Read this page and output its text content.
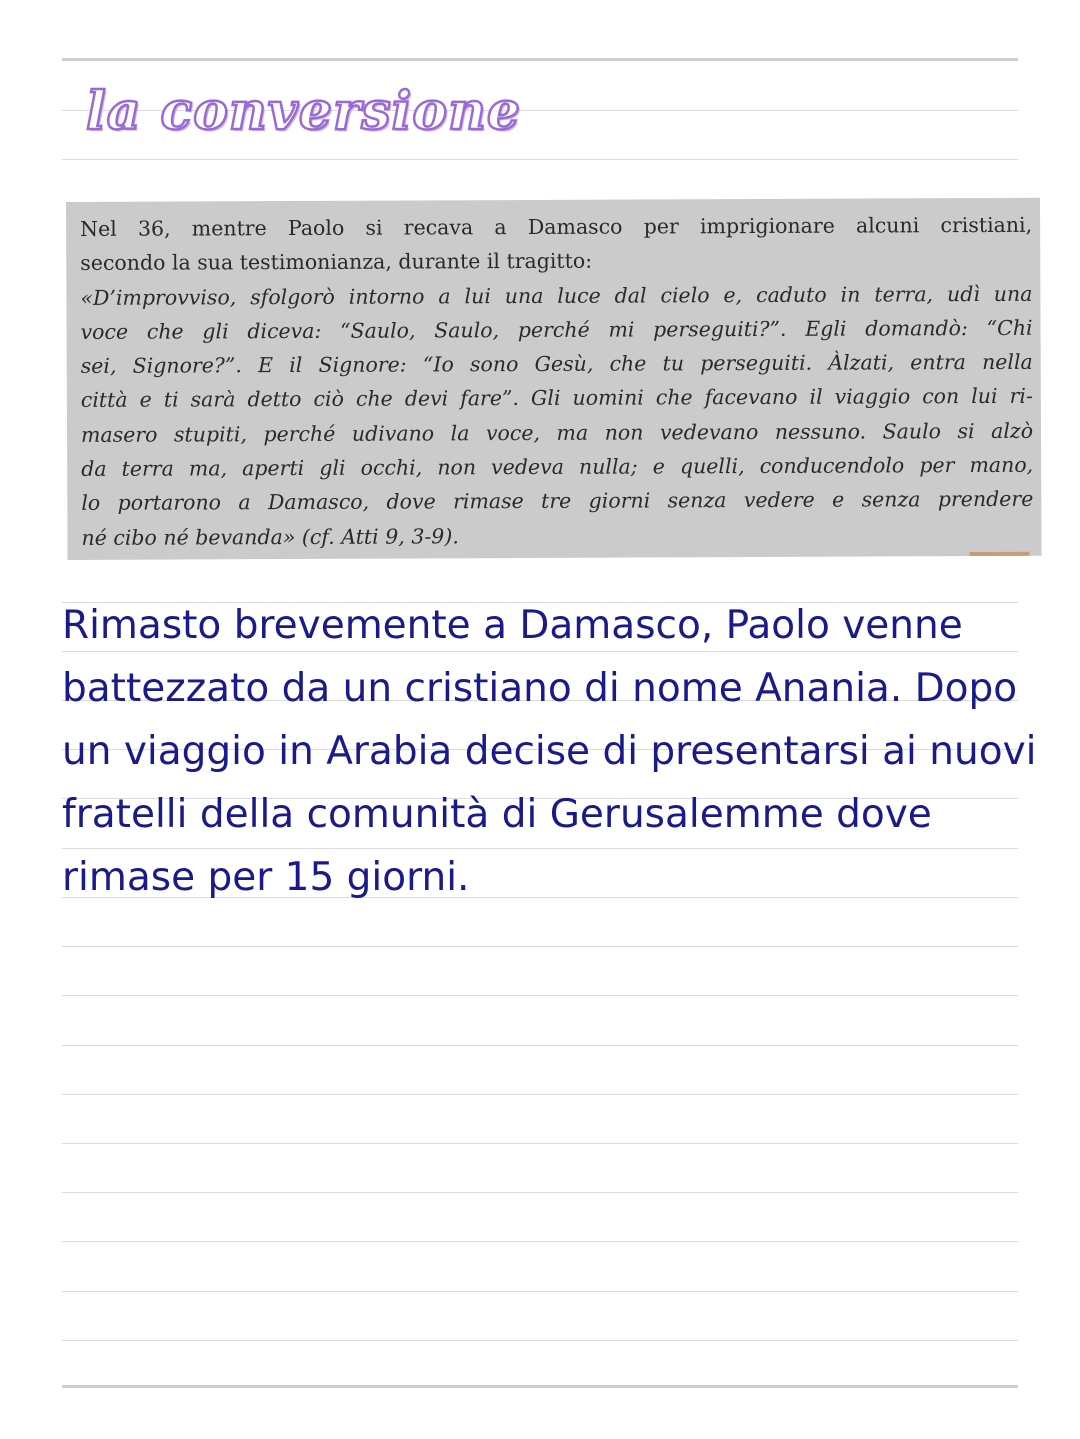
la conversione

Nel 36, mentre Paolo si recava a Damasco per imprigionare alcuni cristiani,
secondo la sua testimonianza, durante il tragitto:
«D’improvviso, sfolgorò intorno a lui una luce dal cielo e, caduto in terra, udì una
voce che gli diceva: “Saulo, Saulo, perché mi perseguiti?”. Egli domandò: “Chi
sei, Signore?”. E il Signore: “Io sono Gesù, che tu perseguiti. Àlzati, entra nella
città e ti sarà detto ciò che devi fare”. Gli uomini che facevano il viaggio con lui ri-
masero stupiti, perché udivano la voce, ma non vedevano nessuno. Saulo si alzò
da terra ma, aperti gli occhi, non vedeva nulla; e quelli, conducendolo per mano,
lo portarono a Damasco, dove rimase tre giorni senza vedere e senza prendere
né cibo né bevanda» (cf. Atti 9, 3-9).

Rimasto brevemente a Damasco, Paolo venne
battezzato da un cristiano di nome Anania. Dopo
un viaggio in Arabia decise di presentarsi ai nuovi
fratelli della comunità di Gerusalemme dove
rimase per 15 giorni.
